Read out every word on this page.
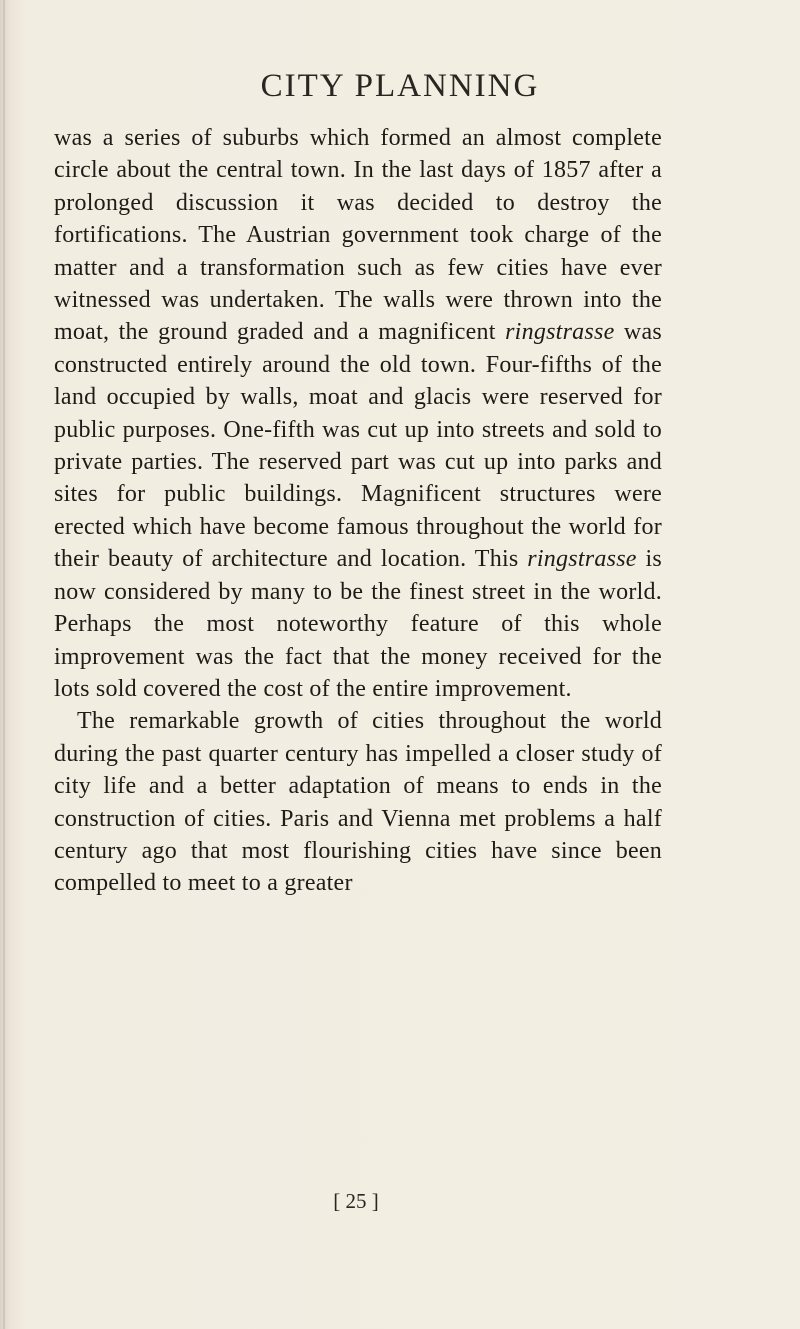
CITY PLANNING

was a series of suburbs which formed an almost complete circle about the central town. In the last days of 1857 after a prolonged discussion it was decided to destroy the fortifications. The Austrian government took charge of the matter and a transformation such as few cities have ever witnessed was undertaken. The walls were thrown into the moat, the ground graded and a magnificent ringstrasse was constructed entirely around the old town. Four-fifths of the land occupied by walls, moat and glacis were reserved for public purposes. One-fifth was cut up into streets and sold to private parties. The reserved part was cut up into parks and sites for public buildings. Magnificent structures were erected which have become famous throughout the world for their beauty of architecture and location. This ringstrasse is now considered by many to be the finest street in the world. Perhaps the most noteworthy feature of this whole improvement was the fact that the money received for the lots sold covered the cost of the entire improvement.

The remarkable growth of cities throughout the world during the past quarter century has impelled a closer study of city life and a better adaptation of means to ends in the construction of cities. Paris and Vienna met problems a half century ago that most flourishing cities have since been compelled to meet to a greater

[ 25 ]
